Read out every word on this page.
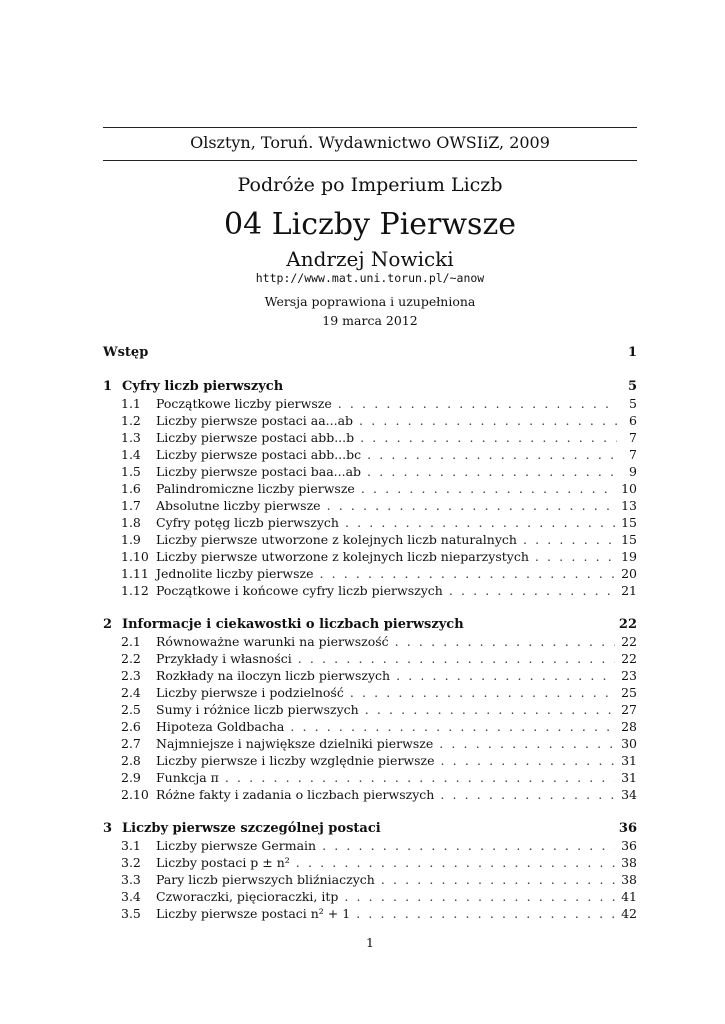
Olsztyn, Toruń. Wydawnictwo OWSIiZ, 2009
Podróże po Imperium Liczb
04 Liczby Pierwsze
Andrzej Nowicki
http://www.mat.uni.torun.pl/~anow
Wersja poprawiona i uzupełniona
19 marca 2012
Wstęp	1
1 Cyfry liczb pierwszych	5
1.1	Początkowe liczby pierwsze . . .	5
1.2	Liczby pierwsze postaci aa...ab . . .	6
1.3	Liczby pierwsze postaci abb...b . . .	7
1.4	Liczby pierwsze postaci abb...bc . . .	7
1.5	Liczby pierwsze postaci baa...ab . . .	9
1.6	Palindromiczne liczby pierwsze . . .	10
1.7	Absolutne liczby pierwsze . . .	13
1.8	Cyfry potęg liczb pierwszych . . .	15
1.9	Liczby pierwsze utworzone z kolejnych liczb naturalnych . . .	15
1.10 Liczby pierwsze utworzone z kolejnych liczb nieparzystych . . .	19
1.11 Jednolite liczby pierwsze . . .	20
1.12 Początkowe i końcowe cyfry liczb pierwszych . . .	21
2 Informacje i ciekawostki o liczbach pierwszych	22
2.1	Równoważne warunki na pierwszość . . .	22
2.2	Przykłady i własności . . .	22
2.3	Rozkłady na iloczyn liczb pierwszych . . .	23
2.4	Liczby pierwsze i podzielność . . .	25
2.5	Sumy i różnice liczb pierwszych . . .	27
2.6	Hipoteza Goldbacha . . .	28
2.7	Najmniejsze i największe dzielniki pierwsze . . .	30
2.8	Liczby pierwsze i liczby względnie pierwsze . . .	31
2.9	Funkcja π . . .	31
2.10 Różne fakty i zadania o liczbach pierwszych . . .	34
3 Liczby pierwsze szczególnej postaci	36
3.1	Liczby pierwsze Germain . . .	36
3.2	Liczby postaci p ± n² . . .	38
3.3	Pary liczb pierwszych bliźniaczych . . .	38
3.4	Czworaczki, pięcioraczki, itp . . .	41
3.5	Liczby pierwsze postaci n² + 1 . . .	42
1
